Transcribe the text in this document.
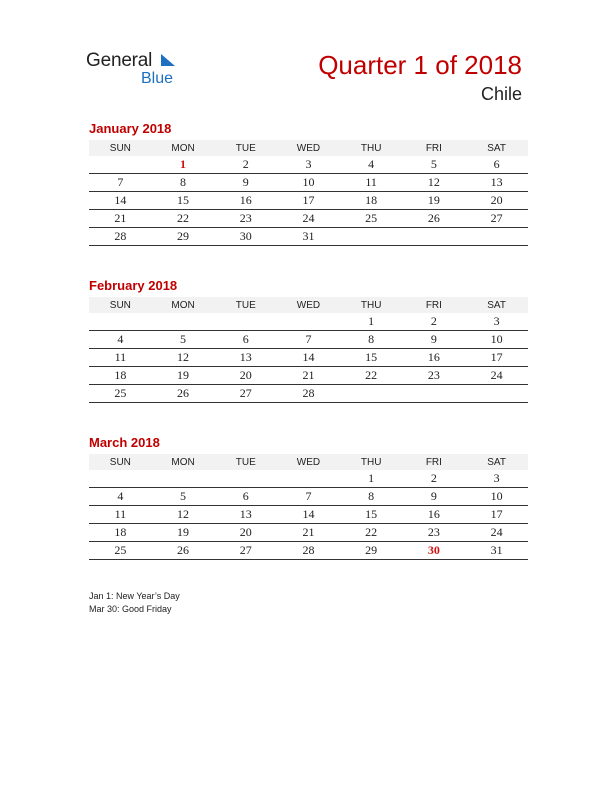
General
Blue	Quarter 1 of 2018
Chile
January 2018
SUN	MON	TUE	WED	THU	FRI	SAT
	1	2	3	4	5	6
7	8	9	10	11	12	13
14	15	16	17	18	19	20
21	22	23	24	25	26	27
28	29	30	31			
February 2018
SUN	MON	TUE	WED	THU	FRI	SAT
				1	2	3
4	5	6	7	8	9	10
11	12	13	14	15	16	17
18	19	20	21	22	23	24
25	26	27	28			
March 2018
SUN	MON	TUE	WED	THU	FRI	SAT
				1	2	3
4	5	6	7	8	9	10
11	12	13	14	15	16	17
18	19	20	21	22	23	24
25	26	27	28	29	30	31
Jan 1: New Year’s Day
Mar 30: Good Friday
